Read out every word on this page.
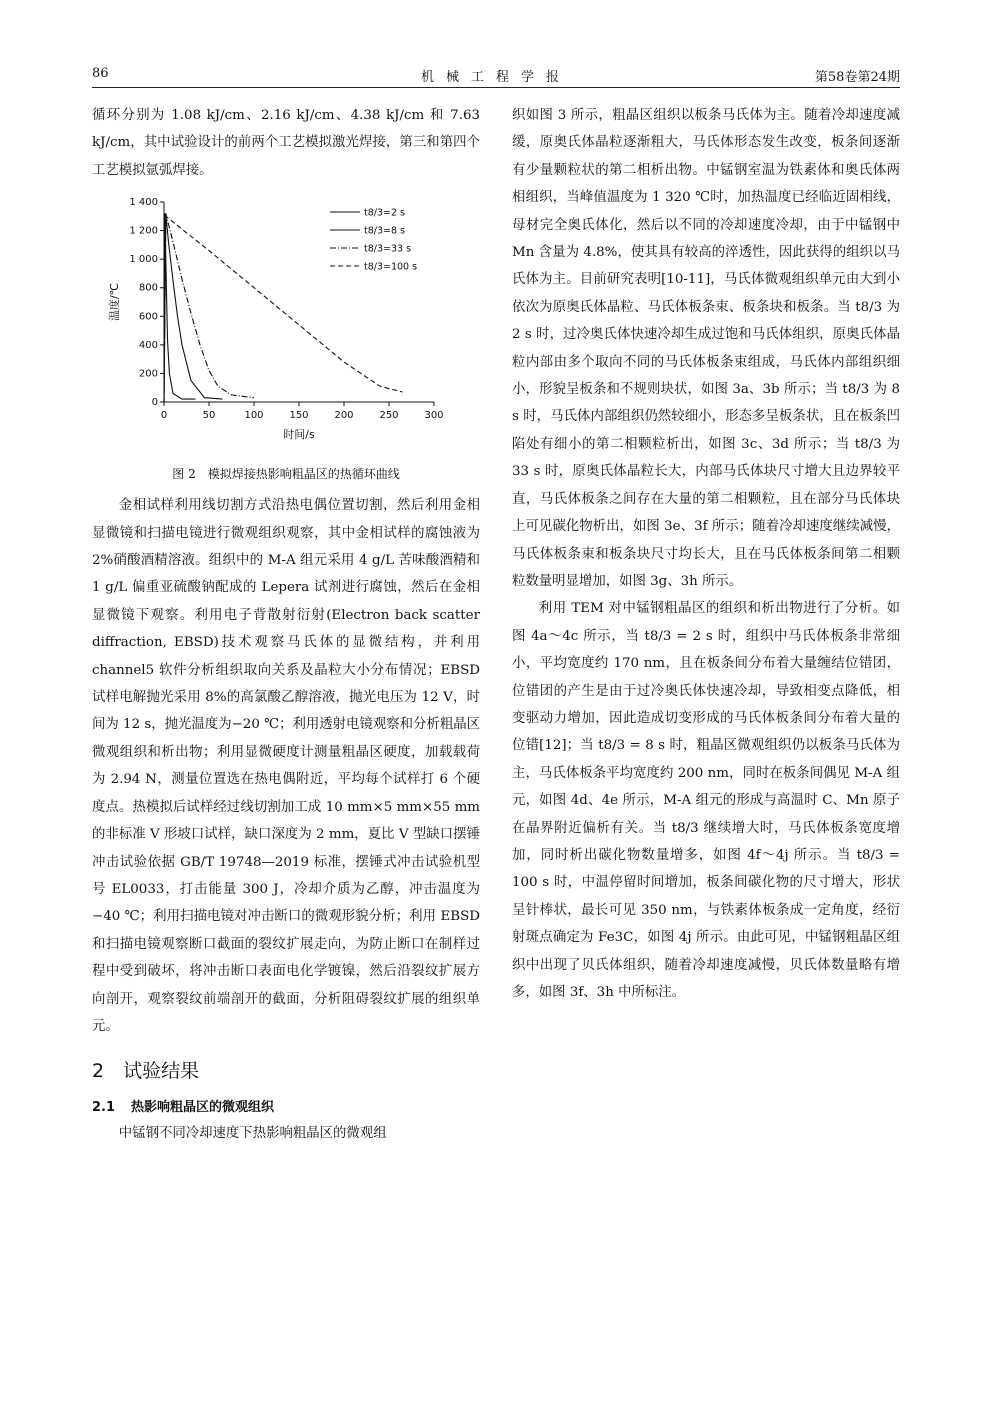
86	机械工程学报	第58卷第24期

循环分别为 1.08 kJ/cm、2.16 kJ/cm、4.38 kJ/cm 和 7.63 kJ/cm，其中试验设计的前两个工艺模拟激光焊接，第三和第四个工艺模拟氩弧焊接。

0	50	100	150	200	250	300
0
200
400
600
800
1 000
1 200
1 400
时间/s
温度/℃
t8/3=2 s
t8/3=8 s
t8/3=33 s
t8/3=100 s
图 2　模拟焊接热影响粗晶区的热循环曲线

金相试样利用线切割方式沿热电偶位置切割，然后利用金相显微镜和扫描电镜进行微观组织观察，其中金相试样的腐蚀液为 2%硝酸酒精溶液。组织中的 M-A 组元采用 4 g/L 苦味酸酒精和 1 g/L 偏重亚硫酸钠配成的 Lepera 试剂进行腐蚀，然后在金相显微镜下观察。利用电子背散射衍射(Electron back scatter diffraction, EBSD)技术观察马氏体的显微结构，并利用 channel5 软件分析组织取向关系及晶粒大小分布情况；EBSD 试样电解抛光采用 8%的高氯酸乙醇溶液，抛光电压为 12 V，时间为 12 s，抛光温度为−20 ℃；利用透射电镜观察和分析粗晶区微观组织和析出物；利用显微硬度计测量粗晶区硬度，加载载荷为 2.94 N，测量位置选在热电偶附近，平均每个试样打 6 个硬度点。热模拟后试样经过线切割加工成 10 mm×5 mm×55 mm 的非标准 V 形坡口试样，缺口深度为 2 mm，夏比 V 型缺口摆锤冲击试验依据 GB/T 19748—2019 标准，摆锤式冲击试验机型号 EL0033，打击能量 300 J，冷却介质为乙醇，冲击温度为−40 ℃；利用扫描电镜对冲击断口的微观形貌分析；利用 EBSD 和扫描电镜观察断口截面的裂纹扩展走向，为防止断口在制样过程中受到破坏，将冲击断口表面电化学镀镍，然后沿裂纹扩展方向剖开，观察裂纹前端剖开的截面，分析阻碍裂纹扩展的组织单元。

2　试验结果
2.1 热影响粗晶区的微观组织

中锰钢不同冷却速度下热影响粗晶区的微观组

织如图 3 所示，粗晶区组织以板条马氏体为主。随着冷却速度减缓，原奥氏体晶粒逐渐粗大，马氏体形态发生改变，板条间逐渐有少量颗粒状的第二相析出物。中锰钢室温为铁素体和奥氏体两相组织，当峰值温度为 1 320 ℃时，加热温度已经临近固相线，母材完全奥氏体化，然后以不同的冷却速度冷却，由于中锰钢中 Mn 含量为 4.8%，使其具有较高的淬透性，因此获得的组织以马氏体为主。目前研究表明[10-11]，马氏体微观组织单元由大到小依次为原奥氏体晶粒、马氏体板条束、板条块和板条。当 t8/3 为 2 s 时，过冷奥氏体快速冷却生成过饱和马氏体组织，原奥氏体晶粒内部由多个取向不同的马氏体板条束组成，马氏体内部组织细小，形貌呈板条和不规则块状，如图 3a、3b 所示；当 t8/3 为 8 s 时，马氏体内部组织仍然较细小，形态多呈板条状，且在板条凹陷处有细小的第二相颗粒析出，如图 3c、3d 所示；当 t8/3 为 33 s 时，原奥氏体晶粒长大，内部马氏体块尺寸增大且边界较平直，马氏体板条之间存在大量的第二相颗粒，且在部分马氏体块上可见碳化物析出，如图 3e、3f 所示；随着冷却速度继续减慢，马氏体板条束和板条块尺寸均长大，且在马氏体板条间第二相颗粒数量明显增加，如图 3g、3h 所示。

利用 TEM 对中锰钢粗晶区的组织和析出物进行了分析。如图 4a～4c 所示，当 t8/3 = 2 s 时，组织中马氏体板条非常细小，平均宽度约 170 nm，且在板条间分布着大量缠结位错团，位错团的产生是由于过冷奥氏体快速冷却，导致相变点降低，相变驱动力增加，因此造成切变形成的马氏体板条间分布着大量的位错[12]；当 t8/3 = 8 s 时，粗晶区微观组织仍以板条马氏体为主，马氏体板条平均宽度约 200 nm，同时在板条间偶见 M-A 组元，如图 4d、4e 所示，M-A 组元的形成与高温时 C、Mn 原子在晶界附近偏析有关。当 t8/3 继续增大时，马氏体板条宽度增加，同时析出碳化物数量增多，如图 4f～4j 所示。当 t8/3 = 100 s 时，中温停留时间增加，板条间碳化物的尺寸增大，形状呈针棒状，最长可见 350 nm，与铁素体板条成一定角度，经衍射斑点确定为 Fe3C，如图 4j 所示。由此可见，中锰钢粗晶区组织中出现了贝氏体组织，随着冷却速度减慢，贝氏体数量略有增多，如图 3f、3h 中所标注。
